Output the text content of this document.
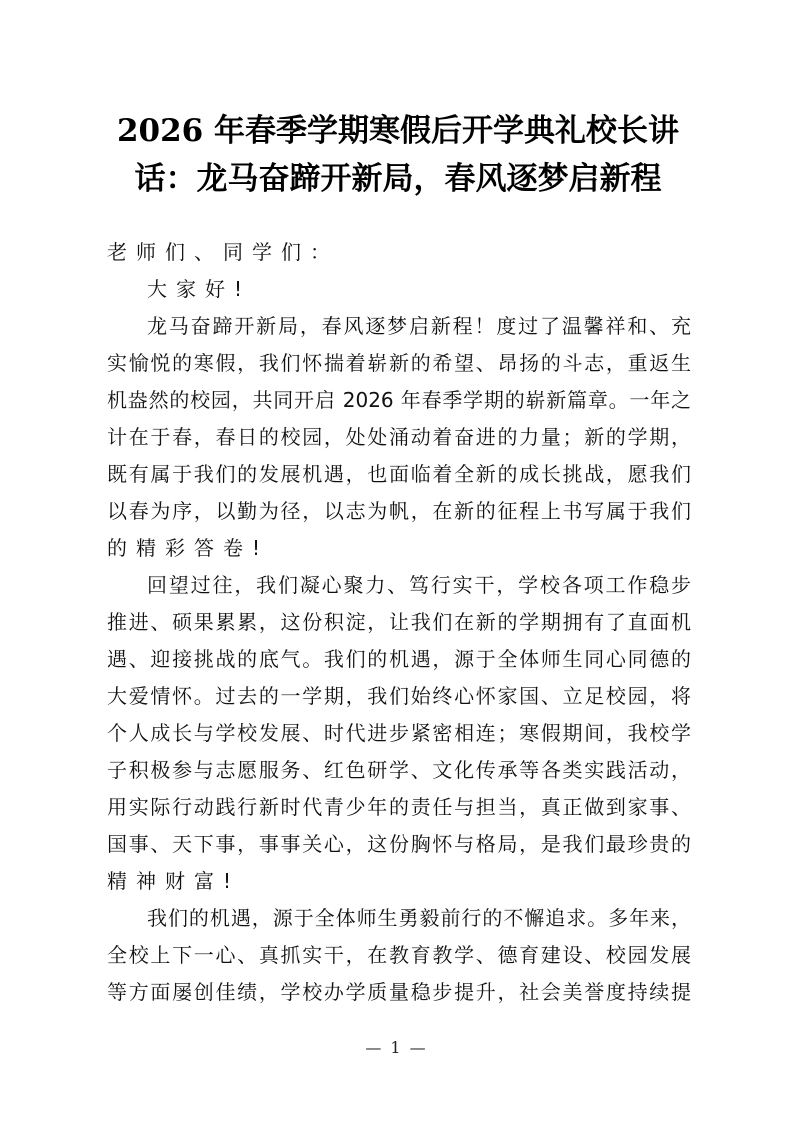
2026 年春季学期寒假后开学典礼校长讲
话：龙马奋蹄开新局，春风逐梦启新程
老师们、同学们：
大家好!
龙马奋蹄开新局，春风逐梦启新程！度过了温馨祥和、充
实愉悦的寒假，我们怀揣着崭新的希望、昂扬的斗志，重返生
机盎然的校园，共同开启 2026 年春季学期的崭新篇章。一年之
计在于春，春日的校园，处处涌动着奋进的力量；新的学期，
既有属于我们的发展机遇，也面临着全新的成长挑战，愿我们
以春为序，以勤为径，以志为帆，在新的征程上书写属于我们
的精彩答卷!
回望过往，我们凝心聚力、笃行实干，学校各项工作稳步
推进、硕果累累，这份积淀，让我们在新的学期拥有了直面机
遇、迎接挑战的底气。我们的机遇，源于全体师生同心同德的
大爱情怀。过去的一学期，我们始终心怀家国、立足校园，将
个人成长与学校发展、时代进步紧密相连；寒假期间，我校学
子积极参与志愿服务、红色研学、文化传承等各类实践活动，
用实际行动践行新时代青少年的责任与担当，真正做到家事、
国事、天下事，事事关心，这份胸怀与格局，是我们最珍贵的
精神财富!
我们的机遇，源于全体师生勇毅前行的不懈追求。多年来，
全校上下一心、真抓实干，在教育教学、德育建设、校园发展
等方面屡创佳绩，学校办学质量稳步提升，社会美誉度持续提
— 1 —
